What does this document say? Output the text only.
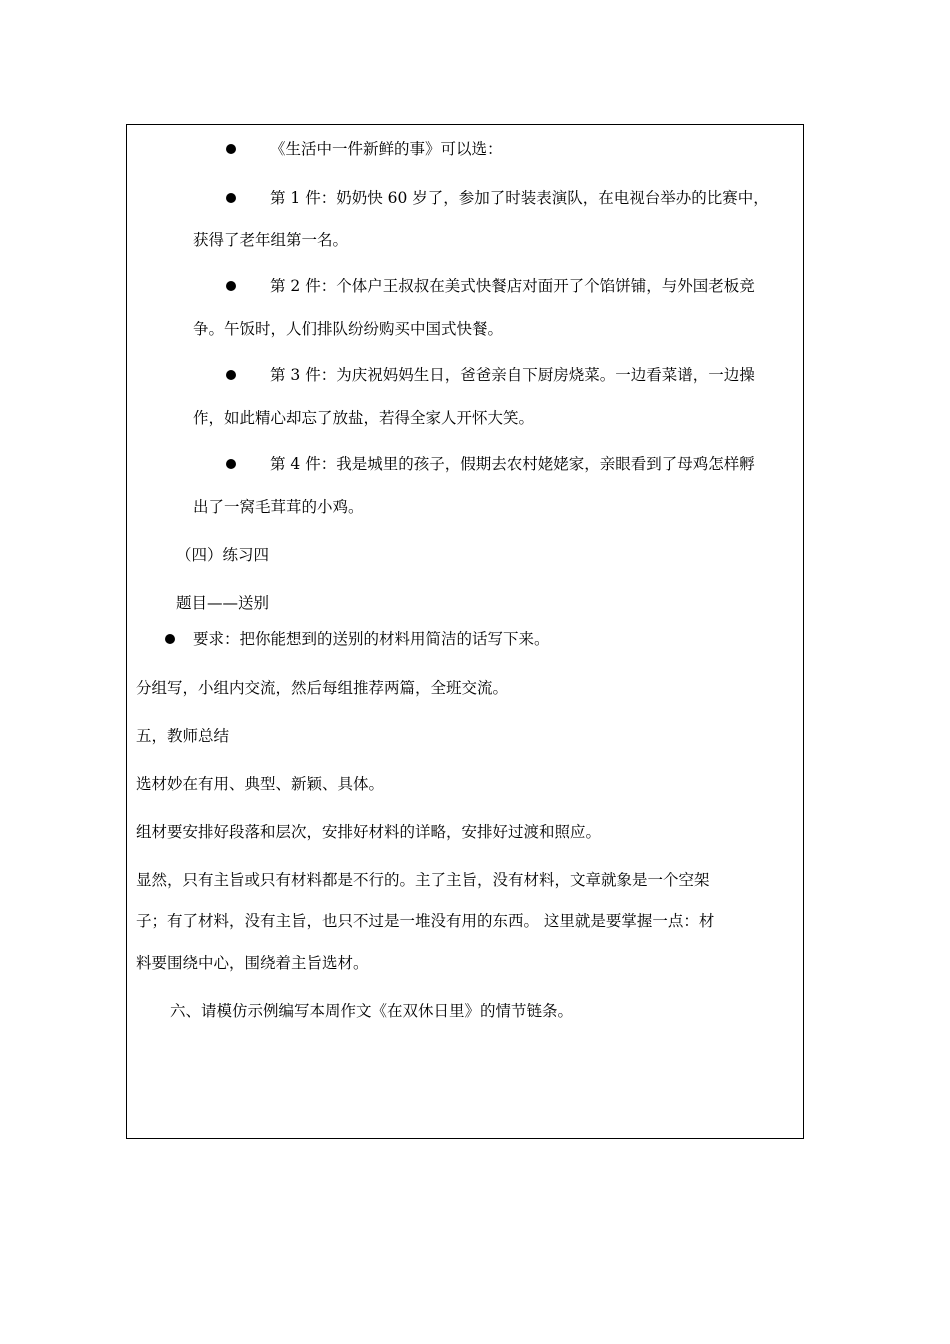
《生活中一件新鲜的事》可以选：
第 1 件：奶奶快 60 岁了，参加了时装表演队，在电视台举办的比赛中，
获得了老年组第一名。
第 2 件：个体户王叔叔在美式快餐店对面开了个馅饼铺，与外国老板竞
争。午饭时，人们排队纷纷购买中国式快餐。
第 3 件：为庆祝妈妈生日，爸爸亲自下厨房烧菜。一边看菜谱，一边操
作，如此精心却忘了放盐，若得全家人开怀大笑。
第 4 件：我是城里的孩子，假期去农村姥姥家，亲眼看到了母鸡怎样孵
出了一窝毛茸茸的小鸡。
（四）练习四
题目——送别
要求：把你能想到的送别的材料用简洁的话写下来。
分组写，小组内交流，然后每组推荐两篇，全班交流。
五，教师总结
选材妙在有用、典型、新颖、具体。
组材要安排好段落和层次，安排好材料的详略，安排好过渡和照应。
显然，只有主旨或只有材料都是不行的。主了主旨，没有材料，文章就象是一个空架
子；有了材料，没有主旨，也只不过是一堆没有用的东西。 这里就是要掌握一点：材
料要围绕中心，围绕着主旨选材。
六、请模仿示例编写本周作文《在双休日里》的情节链条。
